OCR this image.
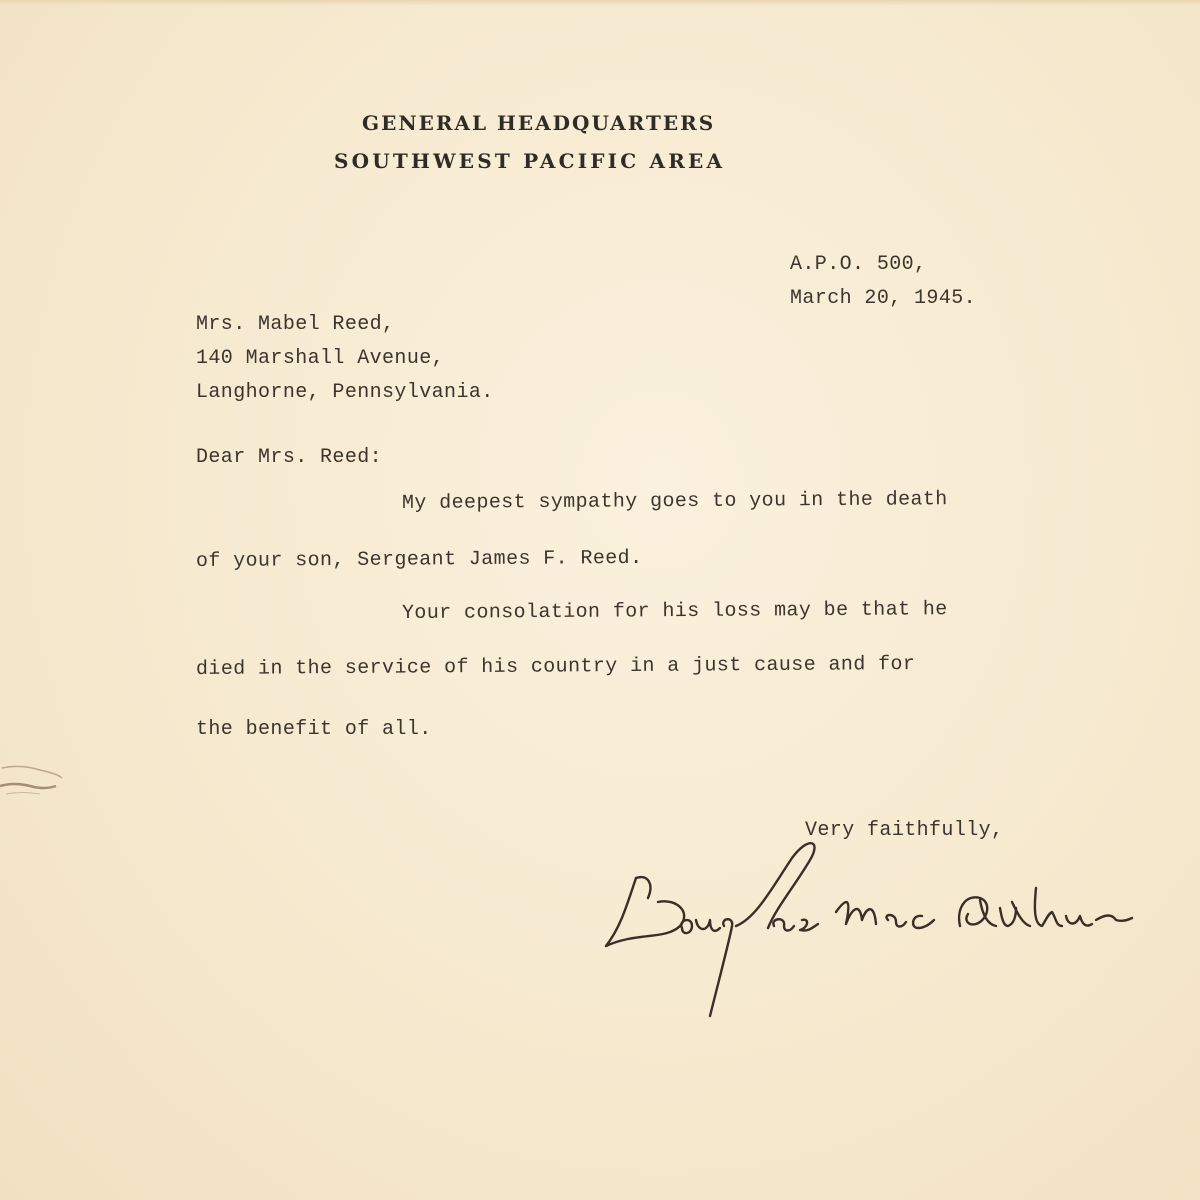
GENERAL HEADQUARTERS
SOUTHWEST PACIFIC AREA
A.P.O. 500,
March 20, 1945.
Mrs. Mabel Reed,
140 Marshall Avenue,
Langhorne, Pennsylvania.
Dear Mrs. Reed:
My deepest sympathy goes to you in the death
of your son, Sergeant James F. Reed.
Your consolation for his loss may be that he
died in the service of his country in a just cause and for
the benefit of all.
Very faithfully,
